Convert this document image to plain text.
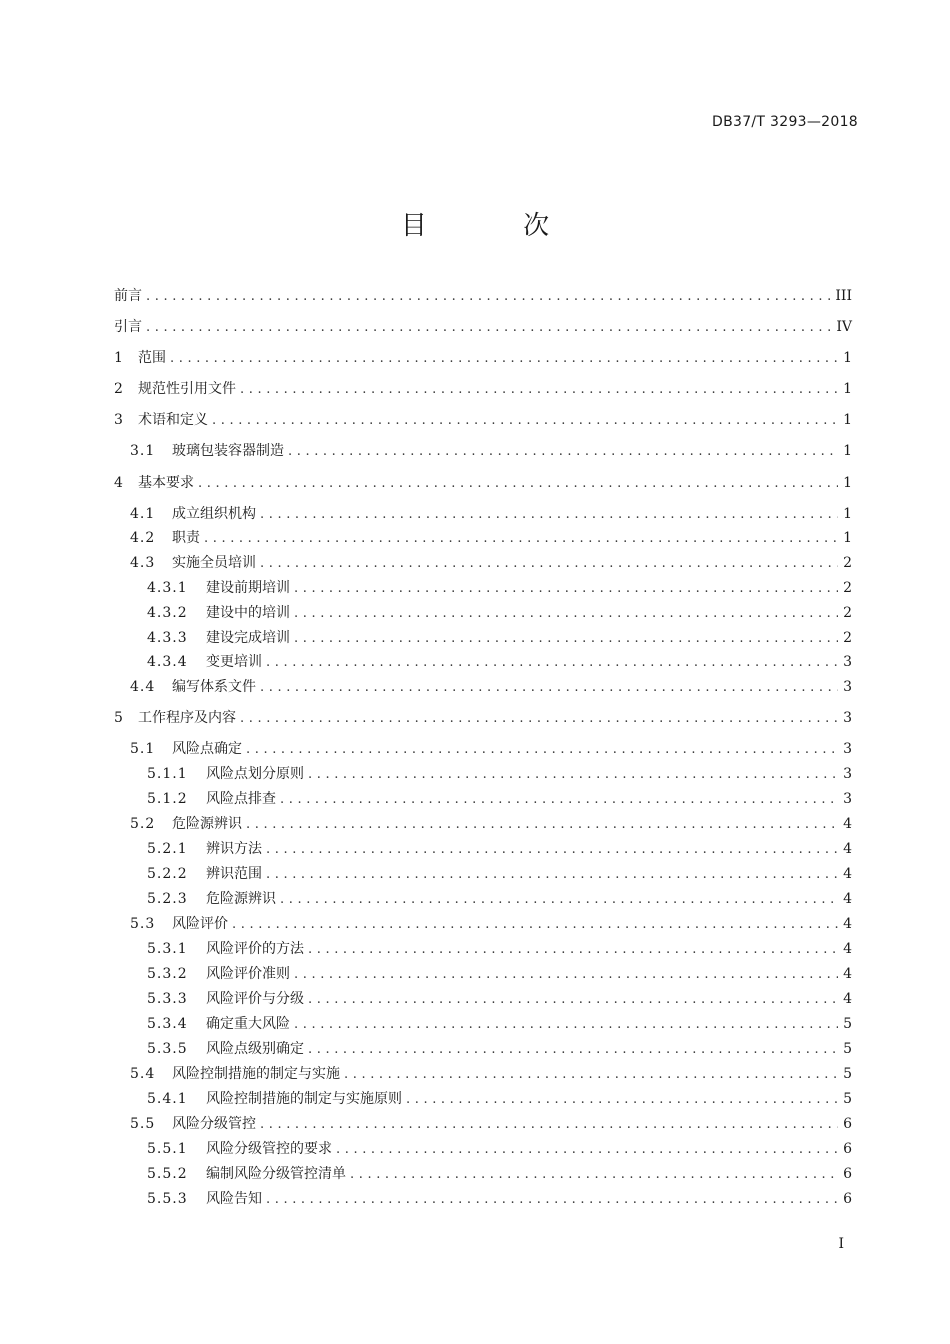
DB37/T 3293—2018
目 次
前言 .....	III
引言 .....	IV
1	范围 .....	1
2	规范性引用文件 .....	1
3	术语和定义 .....	1
3.1	玻璃包装容器制造 .....	1
4	基本要求 .....	1
4.1	成立组织机构 .....	1
4.2	职责 .....	1
4.3	实施全员培训 .....	2
4.3.1	建设前期培训 .....	2
4.3.2	建设中的培训 .....	2
4.3.3	建设完成培训 .....	2
4.3.4	变更培训 .....	3
4.4	编写体系文件 .....	3
5	工作程序及内容 .....	3
5.1	风险点确定 .....	3
5.1.1	风险点划分原则 .....	3
5.1.2	风险点排查 .....	3
5.2	危险源辨识 .....	4
5.2.1	辨识方法 .....	4
5.2.2	辨识范围 .....	4
5.2.3	危险源辨识 .....	4
5.3	风险评价 .....	4
5.3.1	风险评价的方法 .....	4
5.3.2	风险评价准则 .....	4
5.3.3	风险评价与分级 .....	4
5.3.4	确定重大风险 .....	5
5.3.5	风险点级别确定 .....	5
5.4	风险控制措施的制定与实施 .....	5
5.4.1	风险控制措施的制定与实施原则 .....	5
5.5	风险分级管控 .....	6
5.5.1	风险分级管控的要求 .....	6
5.5.2	编制风险分级管控清单 .....	6
5.5.3	风险告知 .....	6
I
